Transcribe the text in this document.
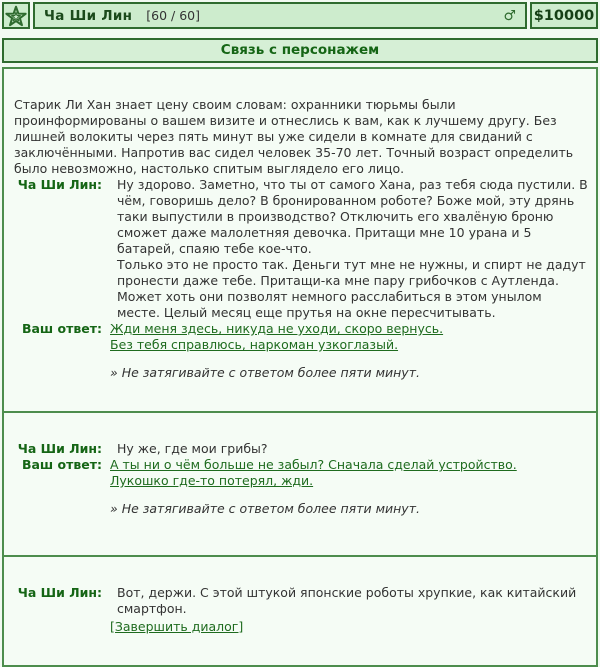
Ча Ши Лин [60 / 60]	♂ $10000
Связь с персонажем

Старик Ли Хан знает цену своим словам: охранники тюрьмы были проинформированы о вашем визите и отнеслись к вам, как к лучшему другу. Без лишней волокиты через пять минут вы уже сидели в комнате для свиданий с заключёнными. Напротив вас сидел человек 35-70 лет. Точный возраст определить было невозможно, настолько спитым выглядело его лицо.

Ча Ши Лин:	Ну здорово. Заметно, что ты от самого Хана, раз тебя сюда пустили. В чём, говоришь дело? В бронированном роботе? Боже мой, эту дрянь таки выпустили в производство? Отключить его хвалёную броню сможет даже малолетняя девочка. Притащи мне 10 урана и 5 батарей, спаяю тебе кое-что.

Только это не просто так. Деньги тут мне не нужны, и спирт не дадут пронести даже тебе. Притащи-ка мне пару грибочков с Аутленда. Может хоть они позволят немного расслабиться в этом унылом месте. Целый месяц еще прутья на окне пересчитывать.

Ваш ответ: Жди меня здесь, никуда не уходи, скоро вернусь.
Без тебя справлюсь, наркоман узкоглазый.
» Не затягивайте с ответом более пяти минут.
Ча Ши Лин:	Ну же, где мои грибы?

Ваш ответ: А ты ни о чём больше не забыл? Сначала сделай устройство.
Лукошко где-то потерял, жди.
» Не затягивайте с ответом более пяти минут.
Ча Ши Лин:	Вот, держи. С этой штукой японские роботы хрупкие, как китайский смартфон.

[Завершить диалог]
